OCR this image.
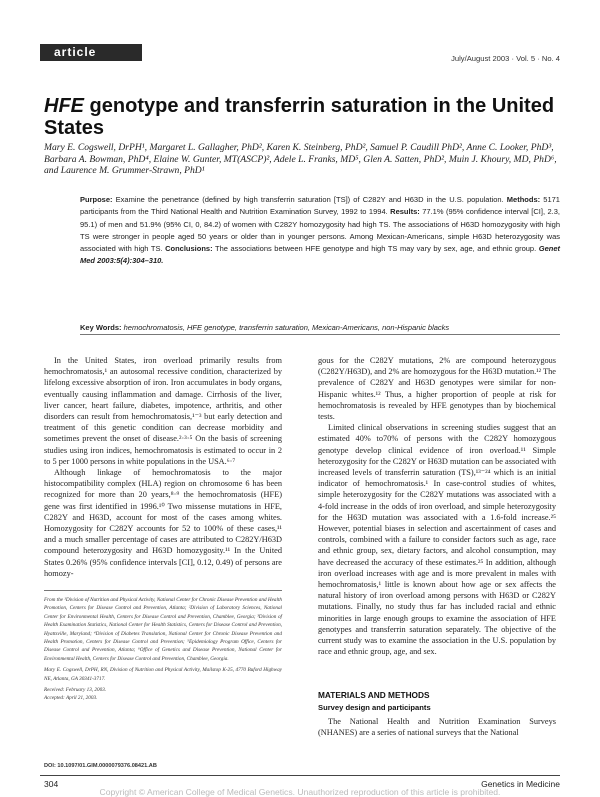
article	July/August 2003 · Vol. 5 · No. 4
HFE genotype and transferrin saturation in the United States
Mary E. Cogswell, DrPH¹, Margaret L. Gallagher, PhD², Karen K. Steinberg, PhD², Samuel P. Caudill PhD², Anne C. Looker, PhD³, Barbara A. Bowman, PhD⁴, Elaine W. Gunter, MT(ASCP)², Adele L. Franks, MD⁵, Glen A. Satten, PhD², Muin J. Khoury, MD, PhD⁶, and Laurence M. Grummer-Strawn, PhD¹
Purpose: Examine the penetrance (defined by high transferrin saturation [TS]) of C282Y and H63D in the U.S. population. Methods: 5171 participants from the Third National Health and Nutrition Examination Survey, 1992 to 1994. Results: 77.1% (95% confidence interval [CI], 2.3, 95.1) of men and 51.9% (95% CI, 0, 84.2) of women with C282Y homozygosity had high TS. The associations of H63D homozygosity with high TS were stronger in people aged 50 years or older than in younger persons. Among Mexican-Americans, simple H63D heterozygosity was associated with high TS. Conclusions: The associations between HFE genotype and high TS may vary by sex, age, and ethnic group. Genet Med 2003:5(4):304–310.
Key Words: hemochromatosis, HFE genotype, transferrin saturation, Mexican-Americans, non-Hispanic blacks

In the United States, iron overload primarily results from hemochromatosis,¹ an autosomal recessive condition, characterized by lifelong excessive absorption of iron. Iron accumulates in body organs, eventually causing inflammation and damage. Cirrhosis of the liver, liver cancer, heart failure, diabetes, impotence, arthritis, and other disorders can result from hemochromatosis,¹⁻³ but early detection and treatment of this genetic condition can decrease morbidity and sometimes prevent the onset of disease.²·³·⁵ On the basis of screening studies using iron indices, hemochromatosis is estimated to occur in 2 to 5 per 1000 persons in white populations in the USA.⁶·⁷

Although linkage of hemochromatosis to the major histocompatibility complex (HLA) region on chromosome 6 has been recognized for more than 20 years,⁸·⁹ the hemochromatosis (HFE) gene was first identified in 1996.¹⁰ Two missense mutations in HFE, C282Y and H63D, account for most of the cases among whites. Homozygosity for C282Y accounts for 52 to 100% of these cases,¹¹ and a much smaller percentage of cases are attributed to C282Y/H63D compound heterozygosity and H63D homozygosity.¹¹ In the United States 0.26% (95% confidence intervals [CI], 0.12, 0.49) of persons are homozy-

From the ¹Division of Nutrition and Physical Activity, National Center for Chronic Disease Prevention and Health Promotion, Centers for Disease Control and Prevention, Atlanta; ²Division of Laboratory Sciences, National Center for Environmental Health, Centers for Disease Control and Prevention, Chamblee, Georgia; ³Division of Health Examination Statistics, National Center for Health Statistics, Centers for Disease Control and Prevention, Hyattsville, Maryland; ⁴Division of Diabetes Translation, National Center for Chronic Disease Prevention and Health Promotion, Centers for Disease Control and Prevention; ⁵Epidemiology Program Office, Centers for Disease Control and Prevention, Atlanta; ⁶Office of Genetics and Disease Prevention, National Center for Environmental Health, Centers for Disease Control and Prevention, Chamblee, Georgia.

Mary E. Cogswell, DrPH, RN, Division of Nutrition and Physical Activity, Mailstop K-25, 4770 Buford Highway NE, Atlanta, GA 30341-3717.

Received: February 13, 2003.

Accepted: April 21, 2003.

DOI: 10.1097/01.GIM.0000079376.08421.AB

gous for the C282Y mutations, 2% are compound heterozygous (C282Y/H63D), and 2% are homozygous for the H63D mutation.¹² The prevalence of C282Y and H63D genotypes were similar for non-Hispanic whites.¹² Thus, a higher proportion of people at risk for hemochromatosis is revealed by HFE genotypes than by biochemical tests.

Limited clinical observations in screening studies suggest that an estimated 40% to70% of persons with the C282Y homozygous genotype develop clinical evidence of iron overload.¹¹ Simple heterozygosity for the C282Y or H63D mutation can be associated with increased levels of transferrin saturation (TS),¹³⁻²⁴ which is an initial indicator of hemochromatosis.¹ In case-control studies of whites, simple heterozygosity for the C282Y mutations was associated with a 4-fold increase in the odds of iron overload, and simple heterozygosity for the H63D mutation was associated with a 1.6-fold increase.²⁵ However, potential biases in selection and ascertainment of cases and controls, combined with a failure to consider factors such as age, race and ethnic group, sex, dietary factors, and alcohol consumption, may have decreased the accuracy of these estimates.²⁵ In addition, although iron overload increases with age and is more prevalent in males with hemochromatosis,¹ little is known about how age or sex affects the natural history of iron overload among persons with H63D or C282Y mutations. Finally, no study thus far has included racial and ethnic minorities in large enough groups to examine the association of HFE genotypes and transferrin saturation separately. The objective of the current study was to examine the association in the U.S. population by race and ethnic group, age, and sex.

MATERIALS AND METHODS
Survey design and participants

The National Health and Nutrition Examination Surveys (NHANES) are a series of national surveys that the National

304	Genetics in Medicine
Copyright © American College of Medical Genetics. Unauthorized reproduction of this article is prohibited.
